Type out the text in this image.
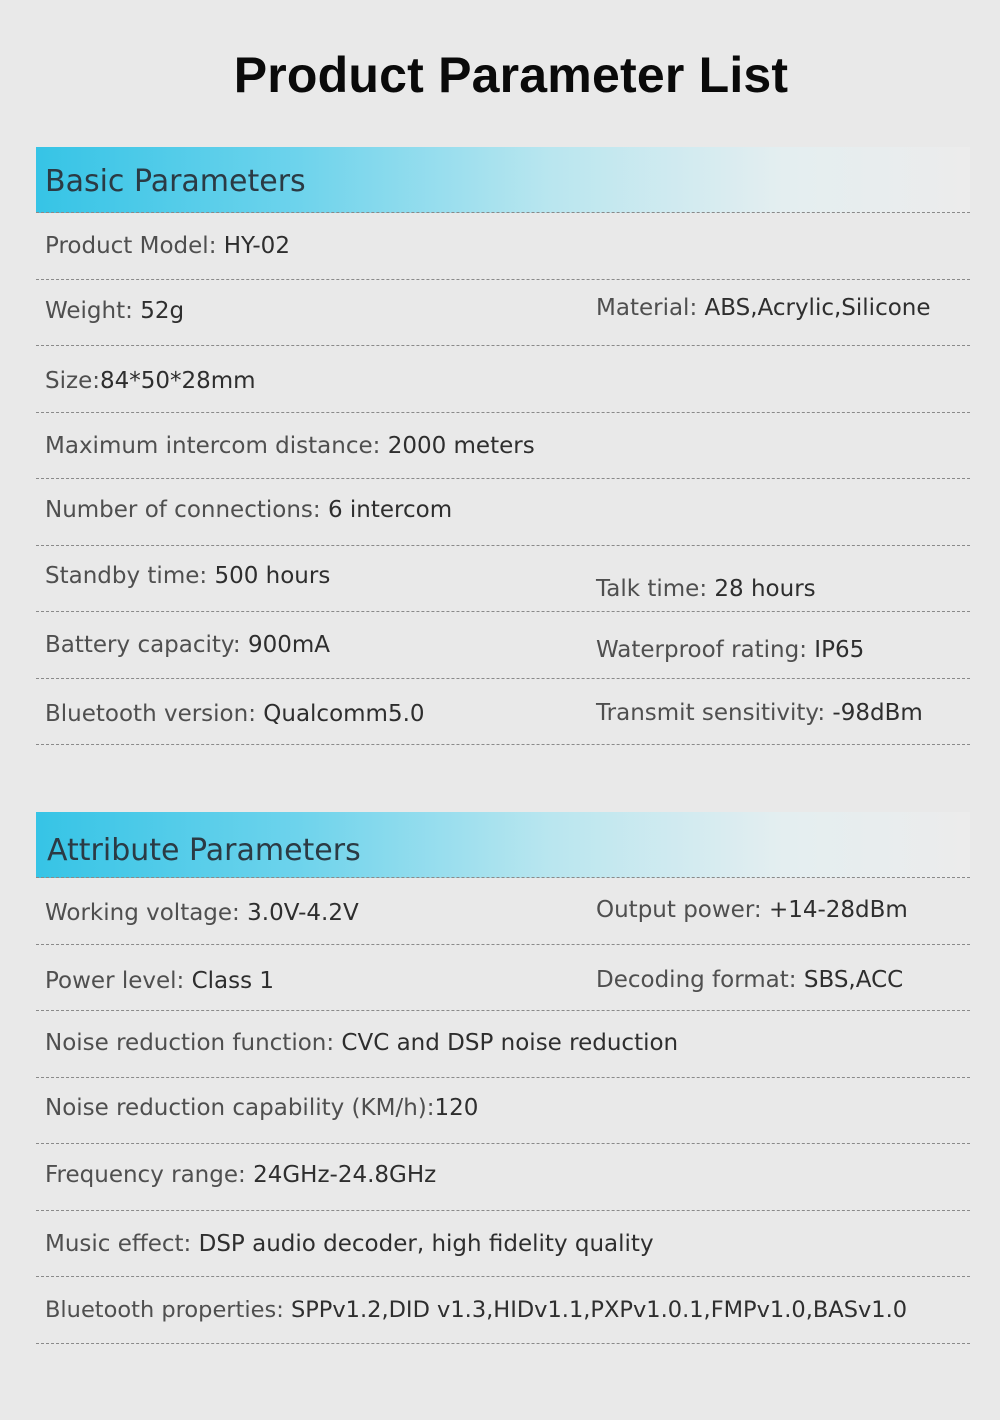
Product Parameter List
Basic Parameters
Product Model: HY-02
Weight: 52g	Material: ABS,Acrylic,Silicone
Size:84*50*28mm
Maximum intercom distance: 2000 meters
Number of connections: 6 intercom
Standby time: 500 hours	Talk time: 28 hours
Battery capacity: 900mA	Waterproof rating: IP65
Bluetooth version: Qualcomm5.0	Transmit sensitivity: -98dBm
Attribute Parameters
Working voltage: 3.0V-4.2V	Output power: +14-28dBm
Power level: Class 1	Decoding format: SBS,ACC
Noise reduction function: CVC and DSP noise reduction
Noise reduction capability (KM/h):120
Frequency range: 24GHz-24.8GHz
Music effect: DSP audio decoder, high fidelity quality
Bluetooth properties: SPPv1.2,DID v1.3,HIDv1.1,PXPv1.0.1,FMPv1.0,BASv1.0
